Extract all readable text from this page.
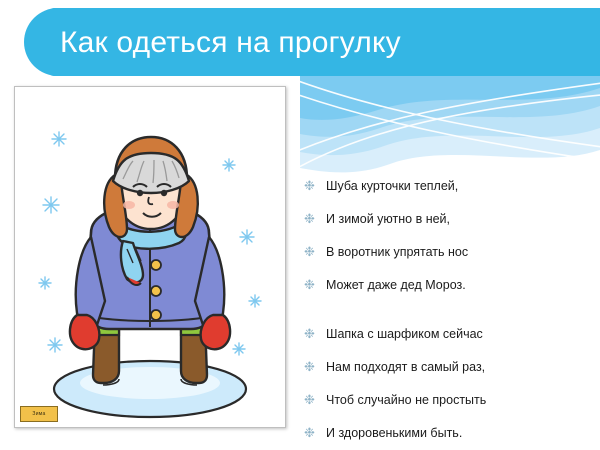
Как одеться на прогулку
Зима
❉ Шуба курточки теплей,
❉ И зимой уютно в ней,
❉ В воротник упрятать нос
❉ Может даже дед Мороз.
❉ Шапка с шарфиком сейчас
❉ Нам подходят в самый раз,
❉ Чтоб случайно не простыть
❉ И здоровенькими быть.
